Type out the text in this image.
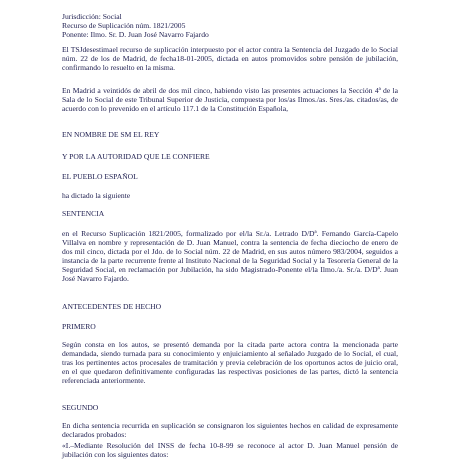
Jurisdicción: Social
Recurso de Suplicación núm. 1821/2005
Ponente: Ilmo. Sr. D. Juan José Navarro Fajardo

El TSJdesestimael recurso de suplicación interpuesto por el actor contra la Sentencia del Juzgado de lo Social núm. 22 de los de Madrid, de fecha18-01-2005, dictada en autos promovidos sobre pensión de jubilación, confirmando lo resuelto en la misma.

En Madrid a veintidós de abril de dos mil cinco, habiendo visto las presentes actuaciones la Sección 4ª de la Sala de lo Social de este Tribunal Superior de Justicia, compuesta por los/as Ilmos./as. Sres./as. citados/as, de acuerdo con lo prevenido en el artículo 117.1 de la Constitución Española,

EN NOMBRE DE SM EL REY

Y POR LA AUTORIDAD QUE LE CONFIERE

EL PUEBLO ESPAÑOL

ha dictado la siguiente

SENTENCIA

en el Recurso Suplicación 1821/2005, formalizado por el/la Sr./a. Letrado D/Dª. Fernando García-Capelo Villalva en nombre y representación de D. Juan Manuel, contra la sentencia de fecha dieciocho de enero de dos mil cinco, dictada por el Jdo. de lo Social núm. 22 de Madrid, en sus autos número 983/2004, seguidos a instancia de la parte recurrente frente al Instituto Nacional de la Seguridad Social y la Tesorería General de la Seguridad Social, en reclamación por Jubilación, ha sido Magistrado-Ponente el/la Ilmo./a. Sr./a. D/Dª. Juan José Navarro Fajardo.

ANTECEDENTES DE HECHO

PRIMERO

Según consta en los autos, se presentó demanda por la citada parte actora contra la mencionada parte demandada, siendo turnada para su conocimiento y enjuiciamiento al señalado Juzgado de lo Social, el cual, tras los pertinentes actos procesales de tramitación y previa celebración de los oportunos actos de juicio oral, en el que quedaron definitivamente configuradas las respectivas posiciones de las partes, dictó la sentencia referenciada anteriormente.

SEGUNDO

En dicha sentencia recurrida en suplicación se consignaron los siguientes hechos en calidad de expresamente declarados probados:

«I.–Mediante Resolución del INSS de fecha 10-8-99 se reconoce al actor D. Juan Manuel pensión de jubilación con los siguientes datos:
